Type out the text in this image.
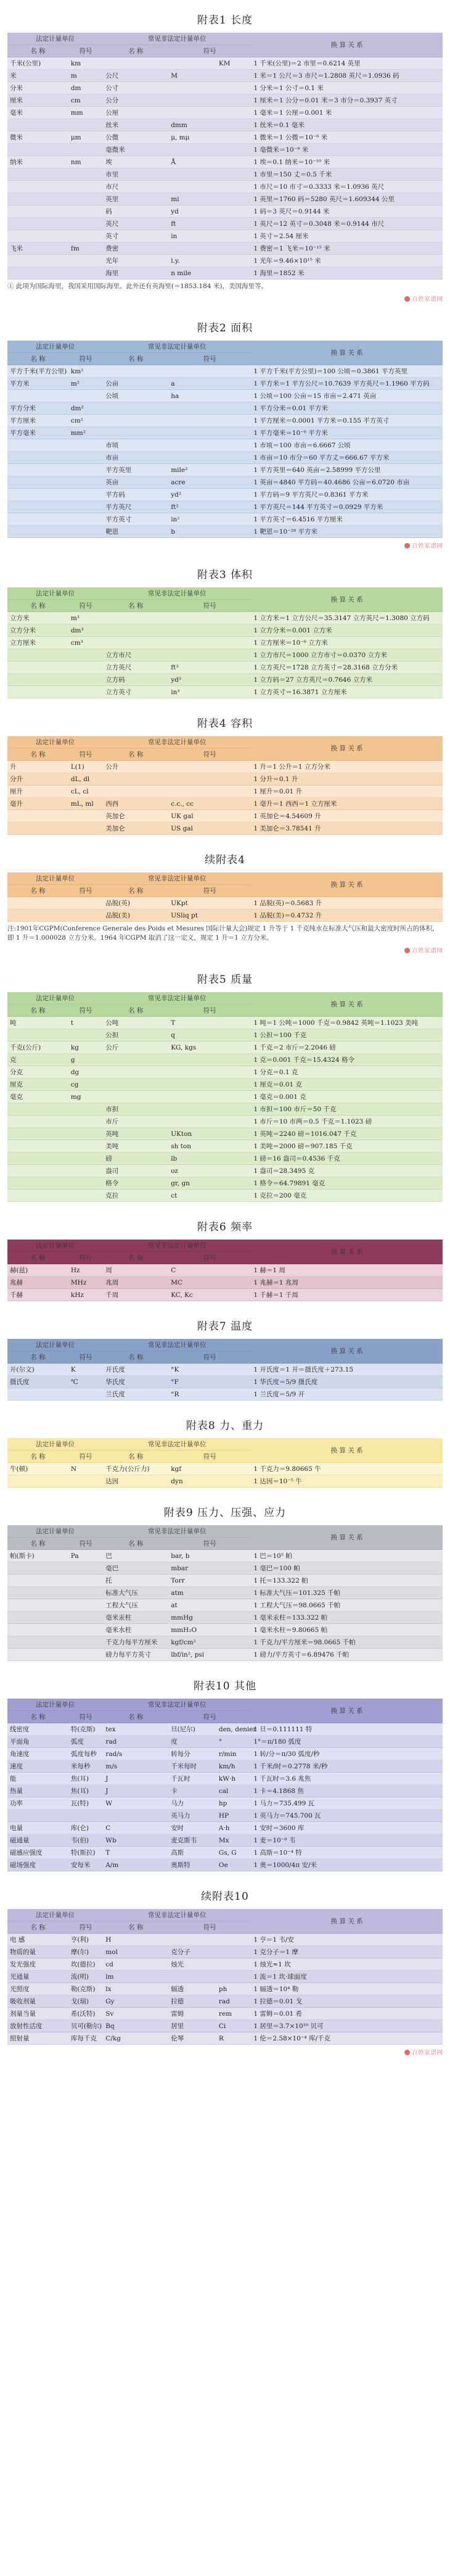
附表1 长度
法定计量单位		常见非法定计量单位			换 算 关 系
名 称	符号	名 称	符号		
千米(公里)	km			KM	1 千米(公里)＝2 市里＝0.6214 英里
米	m	公尺	M		1 米＝1 公尺＝3 市尺＝1.2808 英尺＝1.0936 码
分米	dm	公寸			1 分米＝1 公寸＝0.1 米
厘米	cm	公分			1 厘米＝1 公分＝0.01 米＝3 市分＝0.3937 英寸
毫米	mm	公厘			1 毫米＝1 公厘＝0.001 米
		丝米	dmm		1 丝米＝0.1 毫米
微米	μm	公微	μ, mμ		1 微米＝1 公微＝10⁻⁶ 米
		毫微米			1 毫微米＝10⁻⁹ 米
纳米	nm	埃	Å		1 埃＝0.1 纳米＝10⁻¹⁰ 米
		市里			1 市里＝150 丈＝0.5 千米
		市尺			1 市尺＝10 市寸＝0.3333 米＝1.0936 英尺
		英里	mi		1 英里＝1760 码＝5280 英尺＝1.609344 公里
		码	yd		1 码＝3 英尺＝0.9144 米
		英尺	ft		1 英尺＝12 英寸＝0.3048 米＝0.9144 市尺
		英寸	in		1 英寸＝2.54 厘米
飞米	fm	费密			1 费密＝1 飞米＝10⁻¹⁵ 米
		光年	l.y.		1 光年＝9.46×10¹⁵ 米
		海里	n mile		1 海里＝1852 米
① 此项为国际海里，我国采用国际海里。此外还有英海里(＝1853.184 米)，美国海里等。
百姓家谱网
附表2 面积
法定计量单位		常见非法定计量单位			换 算 关 系
名 称	符号	名 称	符号		
平方千米(平方公里)	km²				1 平方千米(平方公里)＝100 公顷＝0.3861 平方英里
平方米	m²	公亩	a		1 平方米＝1 平方公尺＝10.7639 平方英尺＝1.1960 平方码
		公顷	ha		1 公顷＝100 公亩＝15 市亩＝2.471 英亩
平方分米	dm²				1 平方分米＝0.01 平方米
平方厘米	cm²				1 平方厘米＝0.0001 平方米＝0.155 平方英寸
平方毫米	mm²				1 平方毫米＝10⁻⁶ 平方米
		市顷			1 市顷＝100 市亩＝6.6667 公顷
		市亩			1 市亩＝10 市分＝60 平方丈＝666.67 平方米
		平方英里	mile²		1 平方英里＝640 英亩＝2.58999 平方公里
		英亩	acre		1 英亩＝4840 平方码＝40.4686 公亩＝6.0720 市亩
		平方码	yd²		1 平方码＝9 平方英尺＝0.8361 平方米
		平方英尺	ft²		1 平方英尺＝144 平方英寸＝0.0929 平方米
		平方英寸	in²		1 平方英寸＝6.4516 平方厘米
		靶恩	b		1 靶恩＝10⁻²⁸ 平方米
百姓家谱网
附表3 体积
法定计量单位		常见非法定计量单位			换 算 关 系
名 称	符号	名 称	符号		
立方米	m³				1 立方米＝1 立方公尺＝35.3147 立方英尺＝1.3080 立方码
立方分米	dm³				1 立方分米＝0.001 立方米
立方厘米	cm³				1 立方厘米＝10⁻⁶ 立方米
		立方市尺			1 立方市尺＝1000 立方市寸＝0.0370 立方米
		立方英尺	ft³		1 立方英尺＝1728 立方英寸＝28.3168 立方分米
		立方码	yd³		1 立方码＝27 立方英尺＝0.7646 立方米
		立方英寸	in³		1 立方英寸＝16.3871 立方厘米
附表4 容积
法定计量单位		常见非法定计量单位			换 算 关 系
名 称	符号	名 称	符号		
升	L(1)	公升			1 升＝1 公升＝1 立方分米
分升	dL, dl				1 分升＝0.1 升
厘升	cL, cl				1 厘升＝0.01 升
毫升	mL, ml	西西	c.c., cc		1 毫升＝1 西西＝1 立方厘米
		英加仑	UK gal		1 英加仑＝4.54609 升
		美加仑	US gal		1 美加仑＝3.78541 升
续附表4
法定计量单位		常见非法定计量单位			换 算 关 系
名 称	符号	名 称	符号		
		品脱(英)	UKpt		1 品脱(英)＝0.5683 升
		品脱(美)	USliq pt		1 品脱(美)＝0.4732 升
注:1901年CGPM(Conference Generale des Poids et Mesures 国际计量大会)规定 1 升等于 1 千克纯水在标准大气压和最大密度时所占的体积，即 1 升＝1.000028 立方分米。1964 年CGPM 取消了这一定义，规定 1 升＝1 立方分米。
百姓家谱网
附表5 质量
法定计量单位		常见非法定计量单位			换 算 关 系
名 称	符号	名 称	符号		
吨	t	公吨	T		1 吨＝1 公吨＝1000 千克＝0.9842 英吨＝1.1023 美吨
		公担	q		1 公担＝100 千克
千克(公斤)	kg	公斤	KG, kgs		1 千克＝2 市斤＝2.2046 磅
克	g				1 克＝0.001 千克＝15.4324 格令
分克	dg				1 分克＝0.1 克
厘克	cg				1 厘克＝0.01 克
毫克	mg				1 毫克＝0.001 克
		市担			1 市担＝100 市斤＝50 千克
		市斤			1 市斤＝10 市两＝0.5 千克＝1.1023 磅
		英吨	UKton		1 英吨＝2240 磅＝1016.047 千克
		美吨	sh ton		1 美吨＝2000 磅＝907.185 千克
		磅	lb		1 磅＝16 盎司＝0.4536 千克
		盎司	oz		1 盎司＝28.3495 克
		格令	gr, gn		1 格令＝64.79891 毫克
		克拉	ct		1 克拉＝200 毫克
附表6 频率
法定计量单位		常见非法定计量单位			换 算 关 系
名 称	符号	名 称	符号		
赫(兹)	Hz	周	C		1 赫＝1 周
兆赫	MHz	兆周	MC		1 兆赫＝1 兆周
千赫	kHz	千周	KC, Kc		1 千赫＝1 千周
附表7 温度
法定计量单位		常见非法定计量单位			换 算 关 系
名 称	符号	名 称	符号		
开(尔文)	K	开氏度	°K		1 开氏度＝1 开＝摄氏度＋273.15
摄氏度	℃	华氏度	°F		1 华氏度＝5/9 摄氏度
		兰氏度	°R		1 兰氏度＝5/9 开
附表8 力、重力
法定计量单位		常见非法定计量单位			换 算 关 系
名 称	符号	名 称	符号		
牛(顿)	N	千克力(公斤力)	kgf		1 千克力＝9.80665 牛
		达因	dyn		1 达因＝10⁻⁵ 牛
附表9 压力、压强、应力
法定计量单位		常见非法定计量单位			换 算 关 系
名 称	符号	名 称	符号		
帕(斯卡)	Pa	巴	bar, b		1 巴＝10⁵ 帕
		毫巴	mbar		1 毫巴＝100 帕
		托	Torr		1 托＝133.322 帕
		标准大气压	atm		1 标准大气压＝101.325 千帕
		工程大气压	at		1 工程大气压＝98.0665 千帕
		毫米汞柱	mmHg		1 毫米汞柱＝133.322 帕
		毫米水柱	mmH₂O		1 毫米水柱＝9.80665 帕
		千克力每平方厘米	kgf/cm²		1 千克力/平方厘米＝98.0665 千帕
		磅力每平方英寸	lbf/in², psi		1 磅力/平方英寸＝6.89476 千帕
附表10 其他
法定计量单位		常见非法定计量单位			换 算 关 系
名 称	符号	名 称	符号		
线密度	特(克斯)	tex	旦(尼尔)	den, denier	1 旦＝0.111111 特
平面角	弧度	rad	度	°	1°＝π/180 弧度
角速度	弧度每秒	rad/s	转每分	r/min	1 转/分＝π/30 弧度/秒
速度	米每秒	m/s	千米每时	km/h	1 千米/时＝0.2778 米/秒
能	焦(耳)	J	千瓦时	kW·h	1 千瓦时＝3.6 兆焦
热量	焦(耳)	J	卡	cal	1 卡＝4.1868 焦
功率	瓦(特)	W	马力	hp	1 马力＝735.499 瓦
			英马力	HP	1 英马力＝745.700 瓦
电量	库(仑)	C	安时	A·h	1 安时＝3600 库
磁通量	韦(伯)	Wb	麦克斯韦	Mx	1 麦＝10⁻⁸ 韦
磁感应强度	特(斯拉)	T	高斯	Gs, G	1 高斯＝10⁻⁴ 特
磁场强度	安每米	A/m	奥斯特	Oe	1 奥＝1000/4π 安/米
续附表10
法定计量单位		常见非法定计量单位			换 算 关 系
名 称	符号	名 称	符号		
电 感	亨(利)	H			1 亨＝1 韦/安
物质的量	摩(尔)	mol	克分子		1 克分子＝1 摩
发光强度	坎(德拉)	cd	烛光		1 烛光≈1 坎
光通量	流(明)	lm			1 流＝1 坎·球面度
光照度	勒(克斯)	lx	辐透	ph	1 辐透＝10⁴ 勒
吸收剂量	戈(瑞)	Gy	拉德	rad	1 拉德＝0.01 戈
剂量当量	希(沃特)	Sv	雷姆	rem	1 雷姆＝0.01 希
放射性活度	贝可(勒尔)	Bq	居里	Ci	1 居里＝3.7×10¹⁰ 贝可
照射量	库每千克	C/kg	伦琴	R	1 伦＝2.58×10⁻⁴ 库/千克
百姓家谱网
